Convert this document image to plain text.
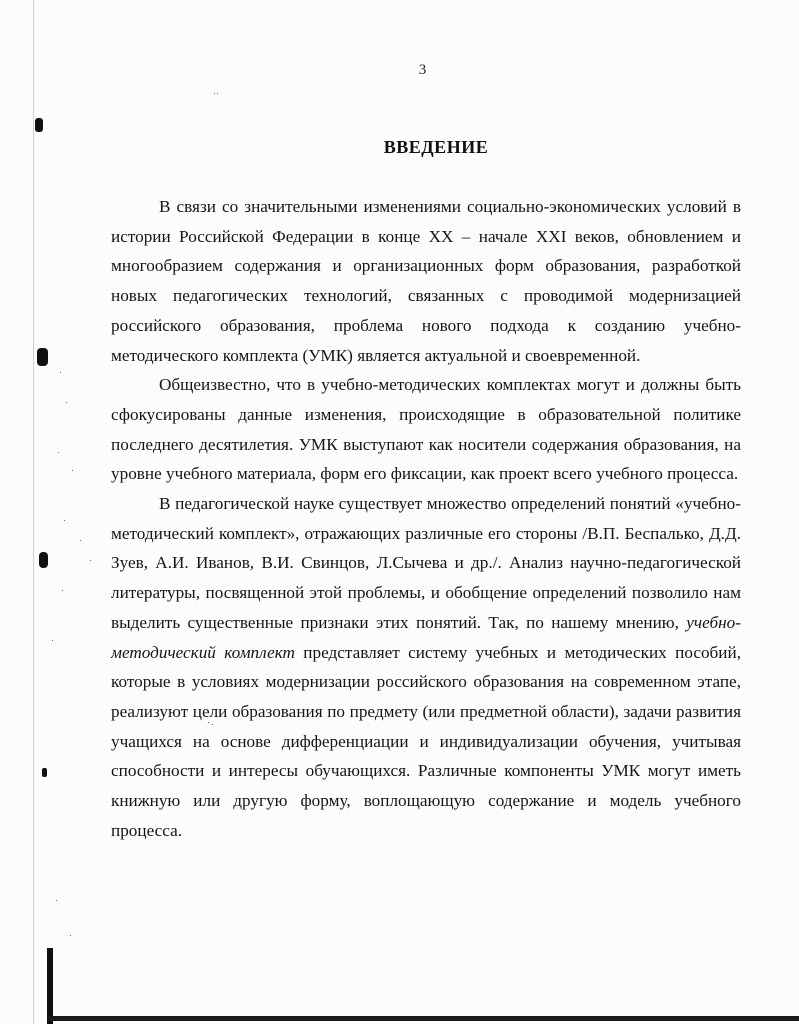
3
ВВЕДЕНИЕ

В связи со значительными изменениями социально-экономических условий в истории Российской Федерации в конце XX – начале XXI веков, обновлением и многообразием содержания и организационных форм образования, разработкой новых педагогических технологий, связанных с проводимой модернизацией российского образования, проблема нового подхода к созданию учебно-методического комплекта (УМК) является актуальной и своевременной.

Общеизвестно, что в учебно-методических комплектах могут и должны быть сфокусированы данные изменения, происходящие в образовательной политике последнего десятилетия. УМК выступают как носители содержания образования, на уровне учебного материала, форм его фиксации, как проект всего учебного процесса.

В педагогической науке существует множество определений понятий «учебно-методический комплект», отражающих различные его стороны /В.П. Беспалько, Д.Д. Зуев, А.И. Иванов, В.И. Свинцов, Л.Сычева и др./. Анализ научно-педагогической литературы, посвященной этой проблемы, и обобщение определений позволило нам выделить существенные признаки этих понятий. Так, по нашему мнению, учебно-методический комплект представляет систему учебных и методических пособий, которые в условиях модернизации российского образования на современном этапе, реализуют цели образования по предмету (или предметной области), задачи развития учащихся на основе дифференциации и индивидуализации обучения, учитывая способности и интересы обучающихся. Различные компоненты УМК могут иметь книжную или другую форму, воплощающую содержание и модель учебного процесса.
